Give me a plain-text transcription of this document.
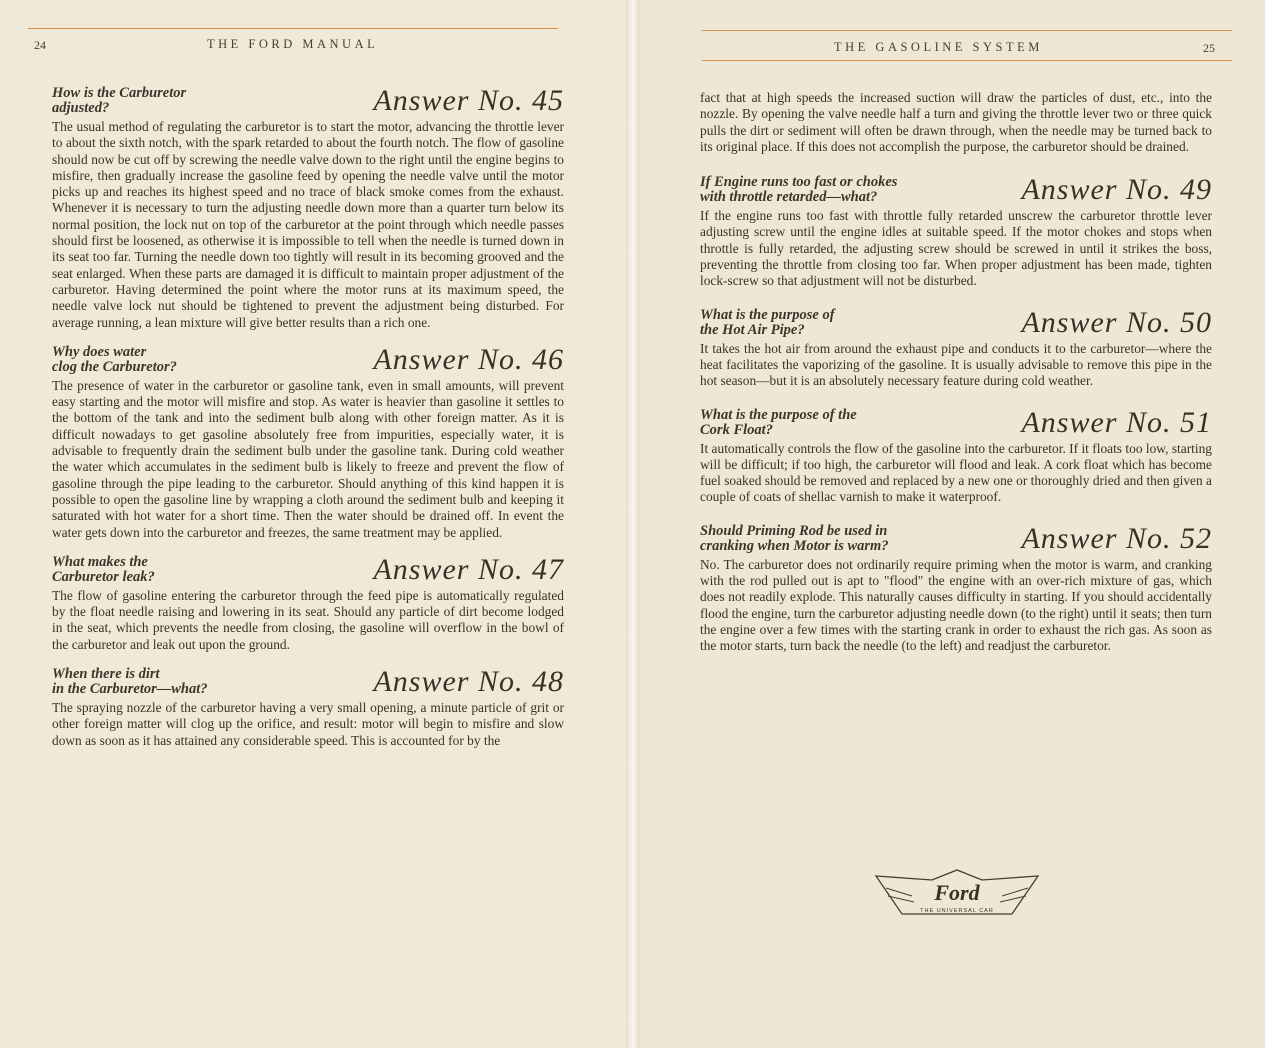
24	THE FORD MANUAL
How is the Carburetor
adjusted?	Answer No. 45

The usual method of regulating the carburetor is to start the motor, advancing the throttle lever to about the sixth notch, with the spark retarded to about the fourth notch. The flow of gasoline should now be cut off by screwing the needle valve down to the right until the engine begins to misfire, then gradually increase the gasoline feed by opening the needle valve until the motor picks up and reaches its highest speed and no trace of black smoke comes from the exhaust. Whenever it is necessary to turn the adjusting needle down more than a quarter turn below its normal position, the lock nut on top of the carburetor at the point through which needle passes should first be loosened, as otherwise it is impossible to tell when the needle is turned down in its seat too far. Turning the needle down too tightly will result in its becoming grooved and the seat enlarged. When these parts are damaged it is difficult to maintain proper adjustment of the carburetor. Having determined the point where the motor runs at its maximum speed, the needle valve lock nut should be tightened to prevent the adjustment being disturbed. For average running, a lean mixture will give better results than a rich one.

Why does water
clog the Carburetor?	Answer No. 46

The presence of water in the carburetor or gasoline tank, even in small amounts, will prevent easy starting and the motor will misfire and stop. As water is heavier than gasoline it settles to the bottom of the tank and into the sediment bulb along with other foreign matter. As it is difficult nowadays to get gasoline absolutely free from impurities, especially water, it is advisable to frequently drain the sediment bulb under the gasoline tank. During cold weather the water which accumulates in the sediment bulb is likely to freeze and prevent the flow of gasoline through the pipe leading to the carburetor. Should anything of this kind happen it is possible to open the gasoline line by wrapping a cloth around the sediment bulb and keeping it saturated with hot water for a short time. Then the water should be drained off. In event the water gets down into the carburetor and freezes, the same treatment may be applied.

What makes the
Carburetor leak?	Answer No. 47

The flow of gasoline entering the carburetor through the feed pipe is automatically regulated by the float needle raising and lowering in its seat. Should any particle of dirt become lodged in the seat, which prevents the needle from closing, the gasoline will overflow in the bowl of the carburetor and leak out upon the ground.

When there is dirt
in the Carburetor—what?	Answer No. 48

The spraying nozzle of the carburetor having a very small opening, a minute particle of grit or other foreign matter will clog up the orifice, and result: motor will begin to misfire and slow down as soon as it has attained any considerable speed. This is accounted for by the

THE GASOLINE SYSTEM	25

fact that at high speeds the increased suction will draw the particles of dust, etc., into the nozzle. By opening the valve needle half a turn and giving the throttle lever two or three quick pulls the dirt or sediment will often be drawn through, when the needle may be turned back to its original place. If this does not accomplish the purpose, the carburetor should be drained.

If Engine runs too fast or chokes
with throttle retarded—what?	Answer No. 49

If the engine runs too fast with throttle fully retarded unscrew the carburetor throttle lever adjusting screw until the engine idles at suitable speed. If the motor chokes and stops when throttle is fully retarded, the adjusting screw should be screwed in until it strikes the boss, preventing the throttle from closing too far. When proper adjustment has been made, tighten lock-screw so that adjustment will not be disturbed.

What is the purpose of
the Hot Air Pipe?	Answer No. 50

It takes the hot air from around the exhaust pipe and conducts it to the carburetor—where the heat facilitates the vaporizing of the gasoline. It is usually advisable to remove this pipe in the hot season—but it is an absolutely necessary feature during cold weather.

What is the purpose of the
Cork Float?	Answer No. 51

It automatically controls the flow of the gasoline into the carburetor. If it floats too low, starting will be difficult; if too high, the carburetor will flood and leak. A cork float which has become fuel soaked should be removed and replaced by a new one or thoroughly dried and then given a couple of coats of shellac varnish to make it waterproof.

Should Priming Rod be used in
cranking when Motor is warm?	Answer No. 52

No. The carburetor does not ordinarily require priming when the motor is warm, and cranking with the rod pulled out is apt to "flood" the engine with an over-rich mixture of gas, which does not readily explode. This naturally causes difficulty in starting. If you should accidentally flood the engine, turn the carburetor adjusting needle down (to the right) until it seats; then turn the engine over a few times with the starting crank in order to exhaust the rich gas. As soon as the motor starts, turn back the needle (to the left) and readjust the carburetor.

Ford
THE UNIVERSAL CAR
